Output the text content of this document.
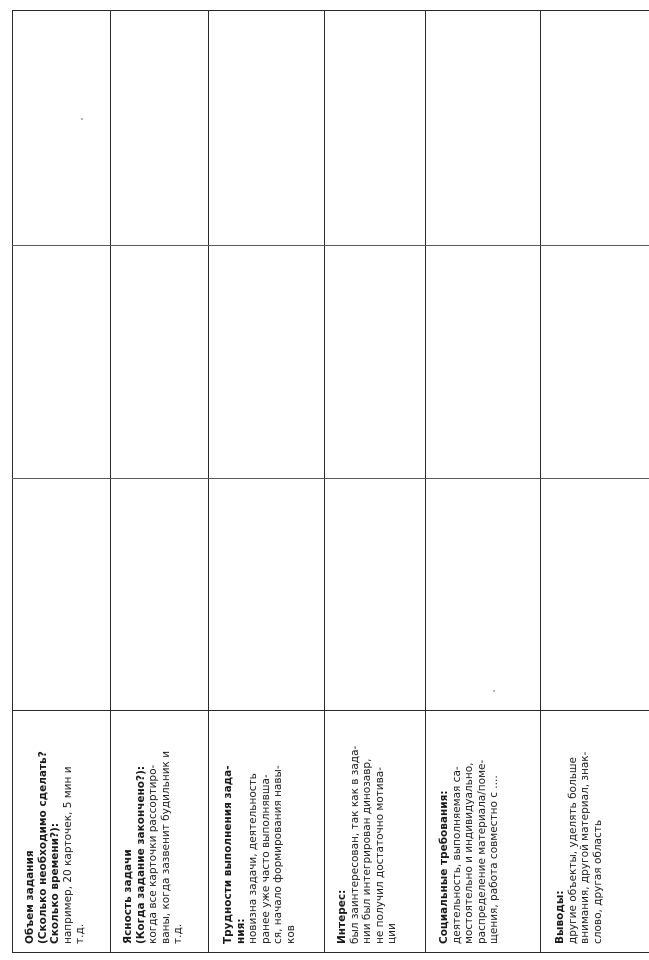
Объем задания (Сколько необходимо сделать? Сколько времени?): например, 20 карточек, 5 мин и т.д.	Ясность задачи (Когда задание закончено?): когда все карточки рассортиро- ваны, когда зазвенит будильник и т.д.	Трудности выполнения зада- ния: новизна задачи, деятельность ранее уже часто выполнявша- ся, начало формирования навы- ков	Интерес: был заинтересован, так как в зада- нии был интегрирован динозавр, не получил достаточно мотива- ции	Социальные требования: деятельность, выполняемая са- мостоятельно и индивидуально, распределение материала/поме- щения, работа совместно с ....	Выводы: другие объекты, уделять больше внимания, другой материал, знак- слово, другая область
